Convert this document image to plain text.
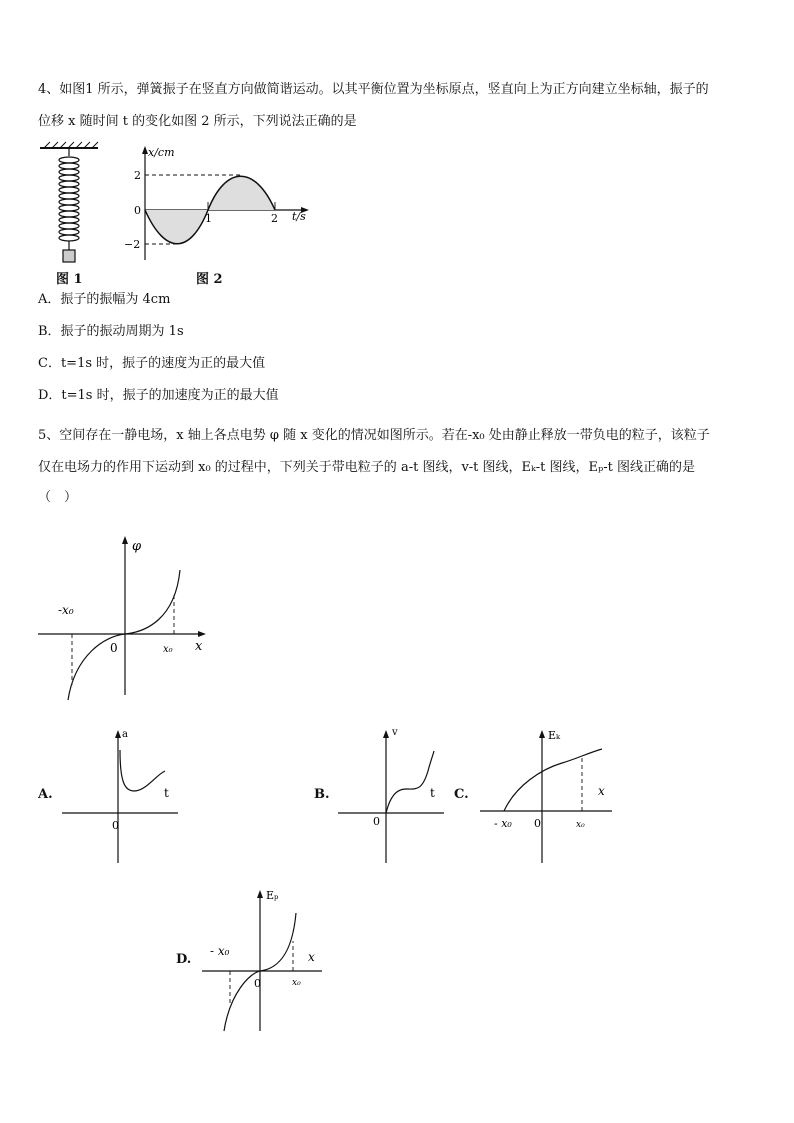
4、如图1 所示，弹簧振子在竖直方向做简谐运动。以其平衡位置为坐标原点，竖直向上为正方向建立坐标轴，振子的
位移 x 随时间 t 的变化如图 2 所示，下列说法正确的是
图 1
x/cm
2
0
−2
1	2 t/s
图 2
A．振子的振幅为 4cm
B．振子的振动周期为 1s
C．t=1s 时，振子的速度为正的最大值
D．t=1s 时，振子的加速度为正的最大值
5、空间存在一静电场，x 轴上各点电势 φ 随 x 变化的情况如图所示。若在-x₀ 处由静止释放一带负电的粒子，该粒子
仅在电场力的作用下运动到 x₀ 的过程中，下列关于带电粒子的 a-t 图线，v-t 图线，Eₖ-t 图线，Eₚ-t 图线正确的是
（　）
φ
-x₀
0	x₀ x
A.
a
t
0
B.
v
t
0
C.
Eₖ
x
- x₀ 0	x₀
D.
Eₚ
- x₀	x
0	x₀
